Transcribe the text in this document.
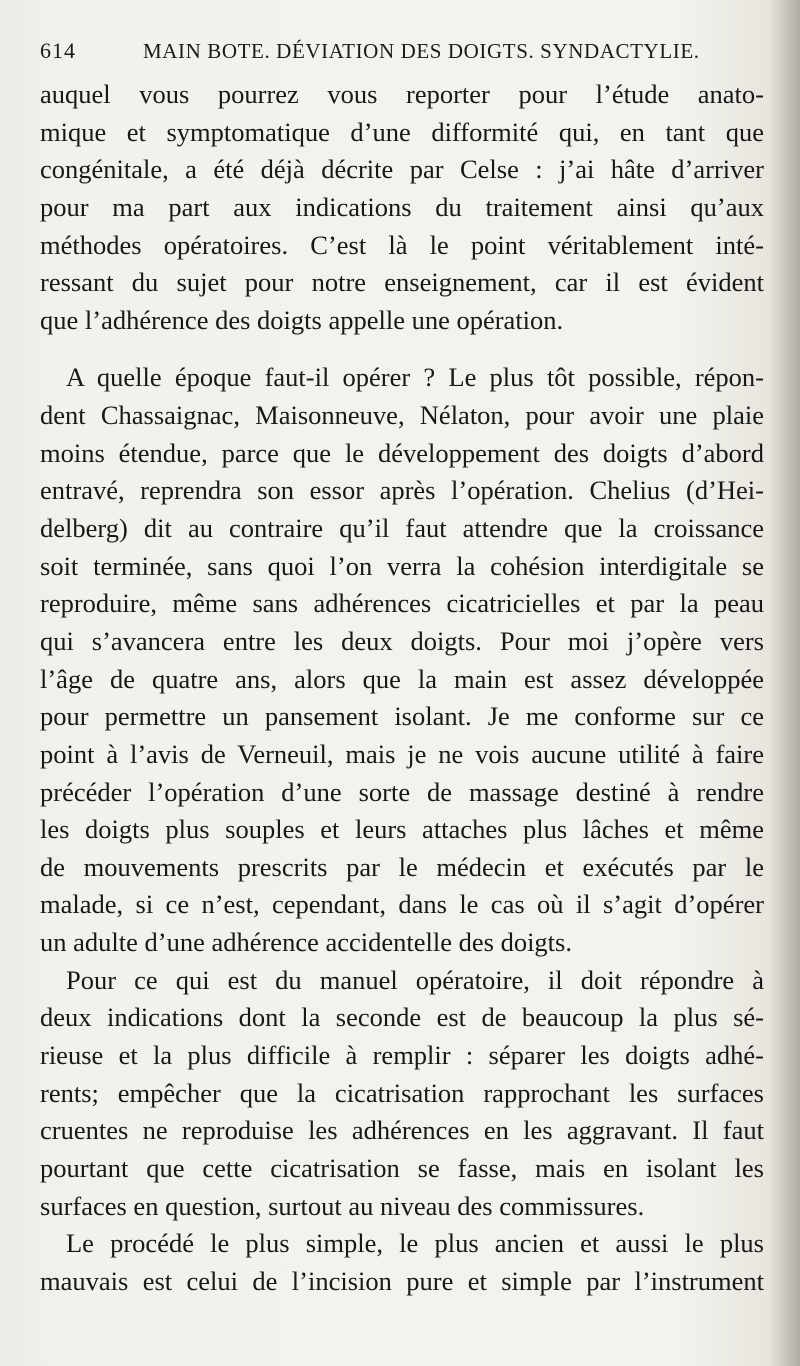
614	MAIN BOTE. DÉVIATION DES DOIGTS. SYNDACTYLIE.
auquel vous pourrez vous reporter pour l’étude anato-
mique et symptomatique d’une difformité qui, en tant que
congénitale, a été déjà décrite par Celse : j’ai hâte d’arriver
pour ma part aux indications du traitement ainsi qu’aux
méthodes opératoires. C’est là le point véritablement inté-
ressant du sujet pour notre enseignement, car il est évident
que l’adhérence des doigts appelle une opération.
A quelle époque faut-il opérer ? Le plus tôt possible, répon-
dent Chassaignac, Maisonneuve, Nélaton, pour avoir une plaie
moins étendue, parce que le développement des doigts d’abord
entravé, reprendra son essor après l’opération. Chelius (d’Hei-
delberg) dit au contraire qu’il faut attendre que la croissance
soit terminée, sans quoi l’on verra la cohésion interdigitale se
reproduire, même sans adhérences cicatricielles et par la peau
qui s’avancera entre les deux doigts. Pour moi j’opère vers
l’âge de quatre ans, alors que la main est assez développée
pour permettre un pansement isolant. Je me conforme sur ce
point à l’avis de Verneuil, mais je ne vois aucune utilité à faire
précéder l’opération d’une sorte de massage destiné à rendre
les doigts plus souples et leurs attaches plus lâches et même
de mouvements prescrits par le médecin et exécutés par le
malade, si ce n’est, cependant, dans le cas où il s’agit d’opérer
un adulte d’une adhérence accidentelle des doigts.
Pour ce qui est du manuel opératoire, il doit répondre à
deux indications dont la seconde est de beaucoup la plus sé-
rieuse et la plus difficile à remplir : séparer les doigts adhé-
rents; empêcher que la cicatrisation rapprochant les surfaces
cruentes ne reproduise les adhérences en les aggravant. Il faut
pourtant que cette cicatrisation se fasse, mais en isolant les
surfaces en question, surtout au niveau des commissures.
Le procédé le plus simple, le plus ancien et aussi le plus
mauvais est celui de l’incision pure et simple par l’instrument
